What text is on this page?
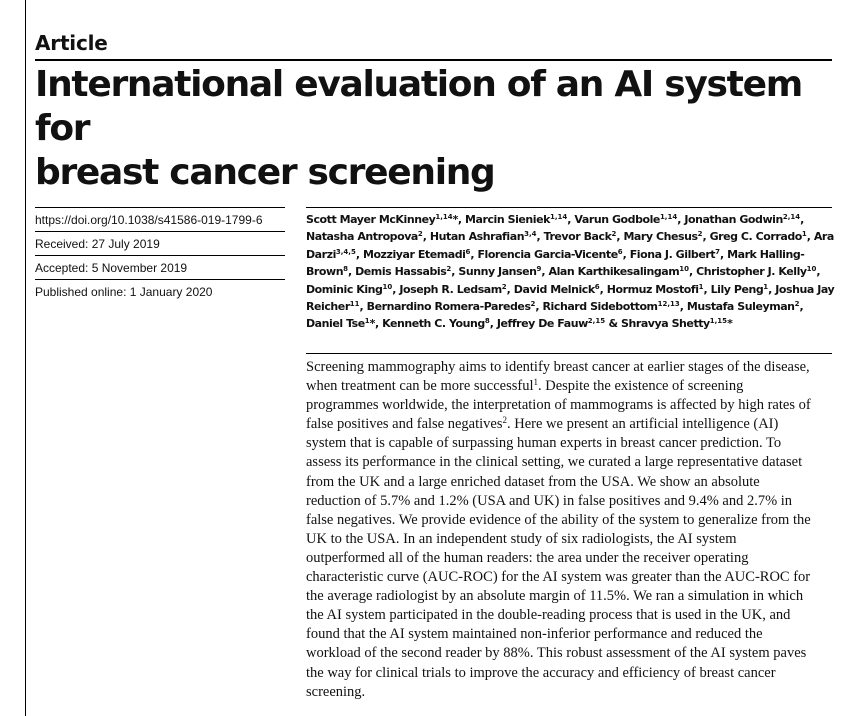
Article
International evaluation of an AI system for
breast cancer screening
https://doi.org/10.1038/s41586-019-1799-6
Received: 27 July 2019
Accepted: 5 November 2019
Published online: 1 January 2020
Scott Mayer McKinney$^{1,14}$*, Marcin Sieniek$^{1,14}$, Varun Godbole$^{1,14}$, Jonathan Godwin$^{2,14}$, Natasha Antropova$^2$, Hutan Ashrafian$^{3,4}$, Trevor Back$^2$, Mary Chesus$^2$, Greg C. Corrado$^1$, Ara Darzi$^{3,4,5}$, Mozziyar Etemadi$^6$, Florencia Garcia-Vicente$^6$, Fiona J. Gilbert$^7$, Mark Halling-Brown$^8$, Demis Hassabis$^2$, Sunny Jansen$^9$, Alan Karthikesalingam$^{10}$, Christopher J. Kelly$^{10}$, Dominic King$^{10}$, Joseph R. Ledsam$^2$, David Melnick$^6$, Hormuz Mostofi$^1$, Lily Peng$^1$, Joshua Jay Reicher$^{11}$, Bernardino Romera-Paredes$^2$, Richard Sidebottom$^{12,13}$, Mustafa Suleyman$^2$, Daniel Tse$^1$*, Kenneth C. Young$^8$, Jeffrey De Fauw$^{2,15}$ & Shravya Shetty$^{1,15}$*

Screening mammography aims to identify breast cancer at earlier stages of the disease, when treatment can be more successful$^1$. Despite the existence of screening programmes worldwide, the interpretation of mammograms is affected by high rates of false positives and false negatives$^2$. Here we present an artificial intelligence (AI) system that is capable of surpassing human experts in breast cancer prediction. To assess its performance in the clinical setting, we curated a large representative dataset from the UK and a large enriched dataset from the USA. We show an absolute reduction of 5.7% and 1.2% (USA and UK) in false positives and 9.4% and 2.7% in false negatives. We provide evidence of the ability of the system to generalize from the UK to the USA. In an independent study of six radiologists, the AI system outperformed all of the human readers: the area under the receiver operating characteristic curve (AUC-ROC) for the AI system was greater than the AUC-ROC for the average radiologist by an absolute margin of 11.5%. We ran a simulation in which the AI system participated in the double-reading process that is used in the UK, and found that the AI system maintained non-inferior performance and reduced the workload of the second reader by 88%. This robust assessment of the AI system paves the way for clinical trials to improve the accuracy and efficiency of breast cancer screening.
